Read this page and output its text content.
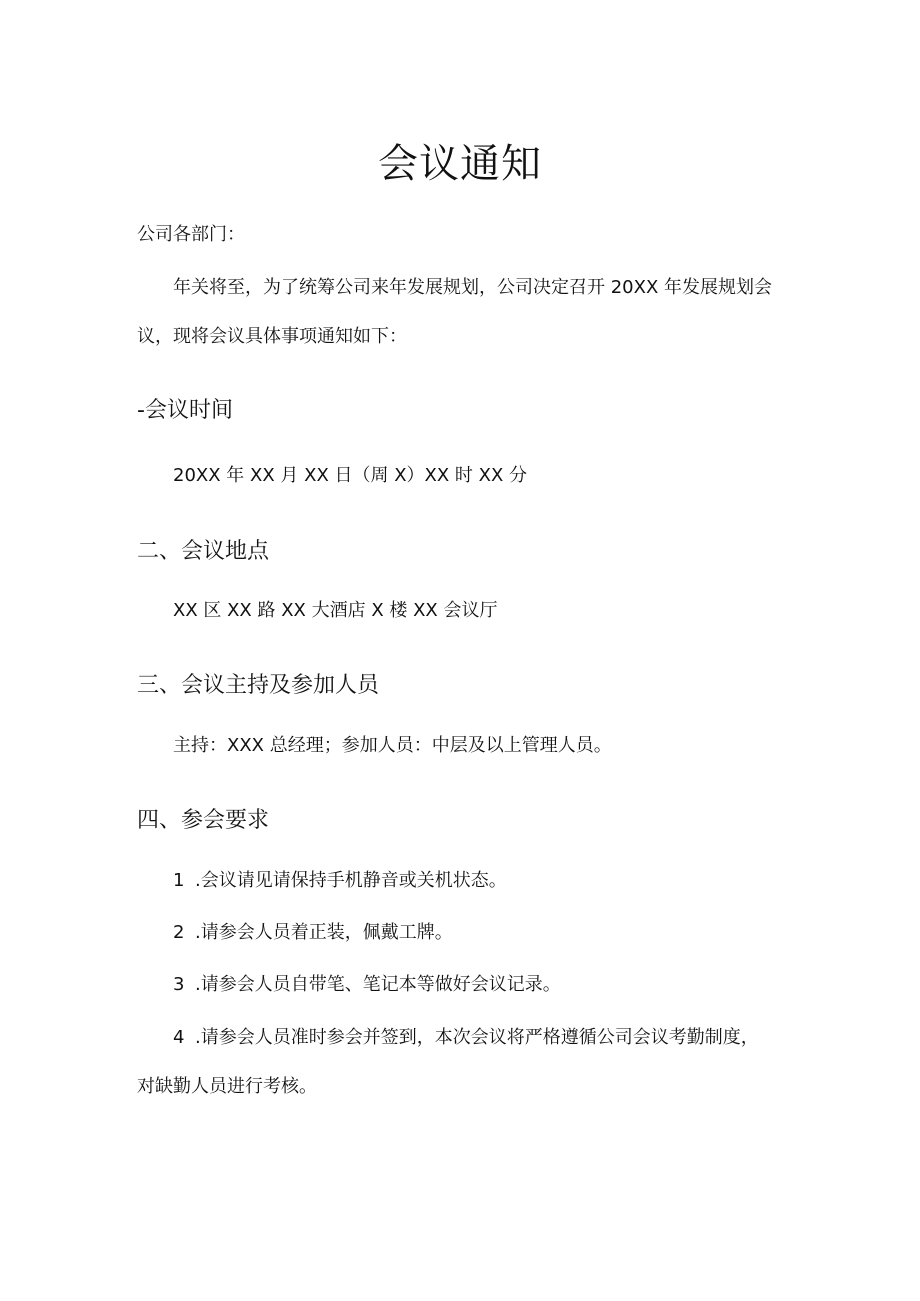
会议通知
公司各部门：
年关将至，为了统筹公司来年发展规划，公司决定召开 20XX 年发展规划会
议，现将会议具体事项通知如下：
-会议时间
20XX 年 XX 月 XX 日（周 X）XX 时 XX 分
二、会议地点
XX 区 XX 路 XX 大酒店 X 楼 XX 会议厅
三、会议主持及参加人员
主持：XXX 总经理；参加人员：中层及以上管理人员。
四、参会要求
1 .会议请见请保持手机静音或关机状态。
2 .请参会人员着正装，佩戴工牌。
3 .请参会人员自带笔、笔记本等做好会议记录。
4 .请参会人员准时参会并签到，本次会议将严格遵循公司会议考勤制度，
对缺勤人员进行考核。
